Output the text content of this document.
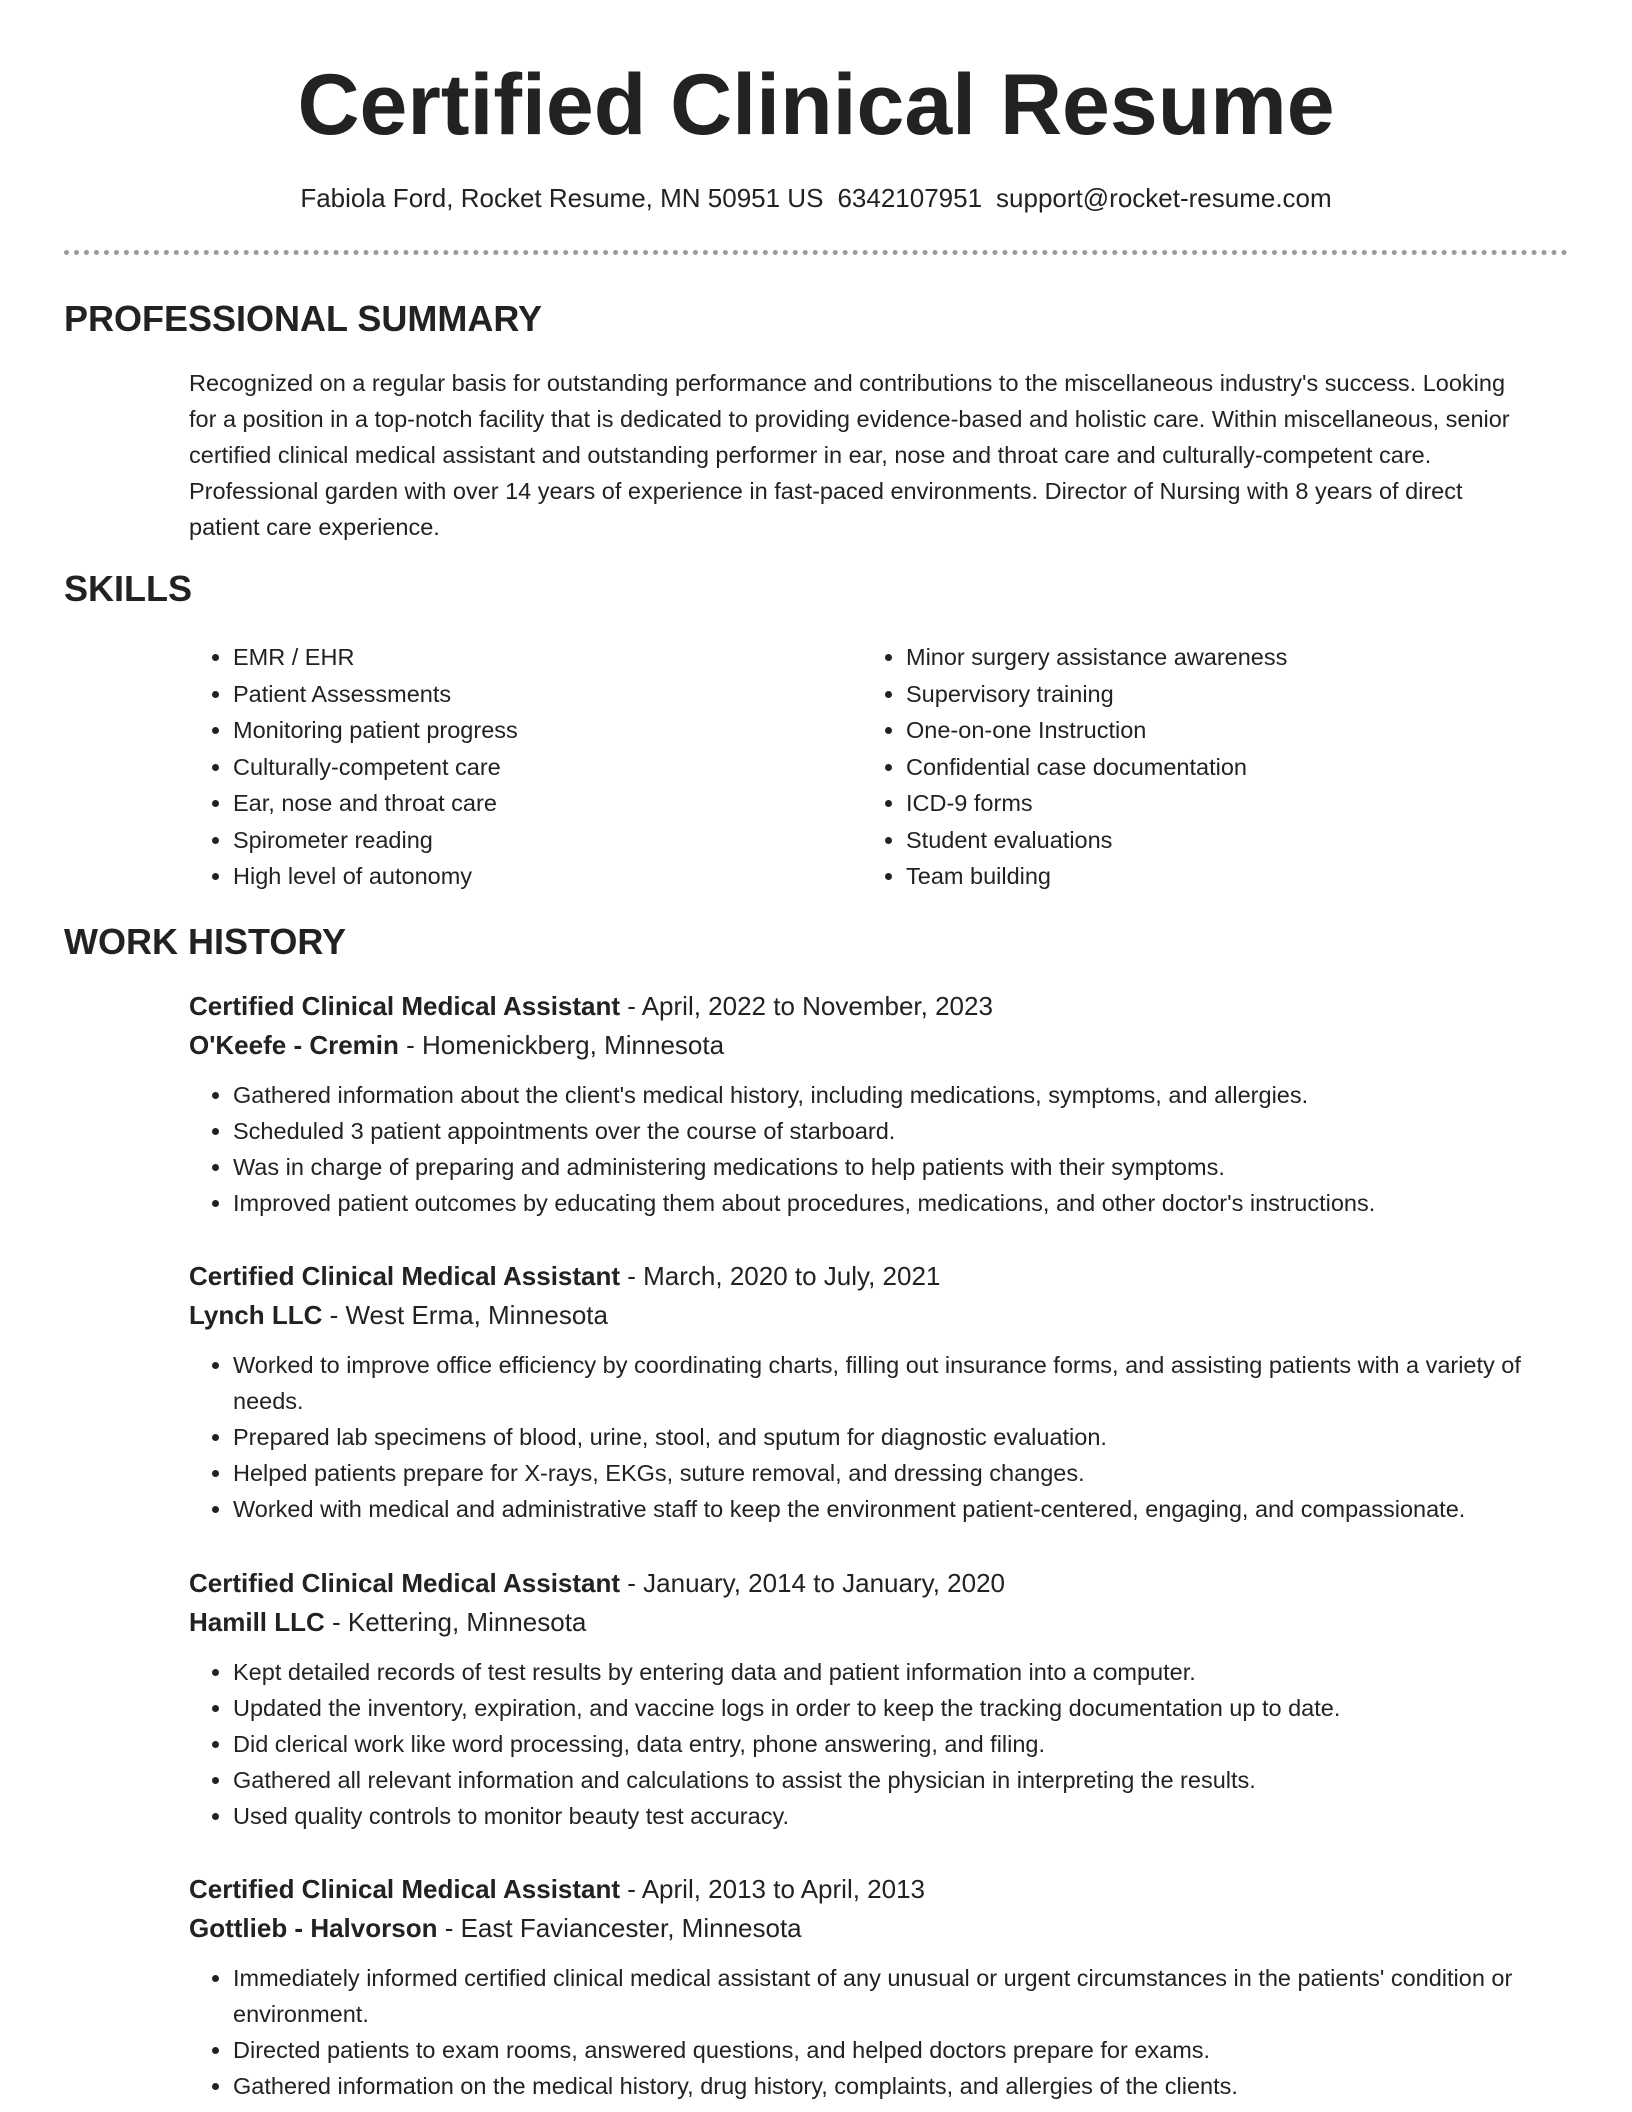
Certified Clinical Resume
Fabiola Ford, Rocket Resume, MN 50951 US 6342107951 support@rocket-resume.com
PROFESSIONAL SUMMARY

Recognized on a regular basis for outstanding performance and contributions to the miscellaneous industry's success. Looking for a position in a top-notch facility that is dedicated to providing evidence-based and holistic care. Within miscellaneous, senior certified clinical medical assistant and outstanding performer in ear, nose and throat care and culturally-competent care. Professional garden with over 14 years of experience in fast-paced environments. Director of Nursing with 8 years of direct patient care experience.

SKILLS
• EMR / EHR
• Patient Assessments
• Monitoring patient progress
• Culturally-competent care
• Ear, nose and throat care
• Spirometer reading
• High level of autonomy
• Minor surgery assistance awareness
• Supervisory training
• One-on-one Instruction
• Confidential case documentation
• ICD-9 forms
• Student evaluations
• Team building
WORK HISTORY

Certified Clinical Medical Assistant - April, 2022 to November, 2023

O'Keefe - Cremin - Homenickberg, Minnesota

• Gathered information about the client's medical history, including medications, symptoms, and allergies.
• Scheduled 3 patient appointments over the course of starboard.
• Was in charge of preparing and administering medications to help patients with their symptoms.
• Improved patient outcomes by educating them about procedures, medications, and other doctor's instructions.

Certified Clinical Medical Assistant - March, 2020 to July, 2021

Lynch LLC - West Erma, Minnesota

• Worked to improve office efficiency by coordinating charts, filling out insurance forms, and assisting patients with a variety of needs.
• Prepared lab specimens of blood, urine, stool, and sputum for diagnostic evaluation.
• Helped patients prepare for X-rays, EKGs, suture removal, and dressing changes.
• Worked with medical and administrative staff to keep the environment patient-centered, engaging, and compassionate.

Certified Clinical Medical Assistant - January, 2014 to January, 2020

Hamill LLC - Kettering, Minnesota

• Kept detailed records of test results by entering data and patient information into a computer.
• Updated the inventory, expiration, and vaccine logs in order to keep the tracking documentation up to date.
• Did clerical work like word processing, data entry, phone answering, and filing.
• Gathered all relevant information and calculations to assist the physician in interpreting the results.
• Used quality controls to monitor beauty test accuracy.

Certified Clinical Medical Assistant - April, 2013 to April, 2013

Gottlieb - Halvorson - East Faviancester, Minnesota

• Immediately informed certified clinical medical assistant of any unusual or urgent circumstances in the patients' condition or environment.
• Directed patients to exam rooms, answered questions, and helped doctors prepare for exams.
• Gathered information on the medical history, drug history, complaints, and allergies of the clients.
